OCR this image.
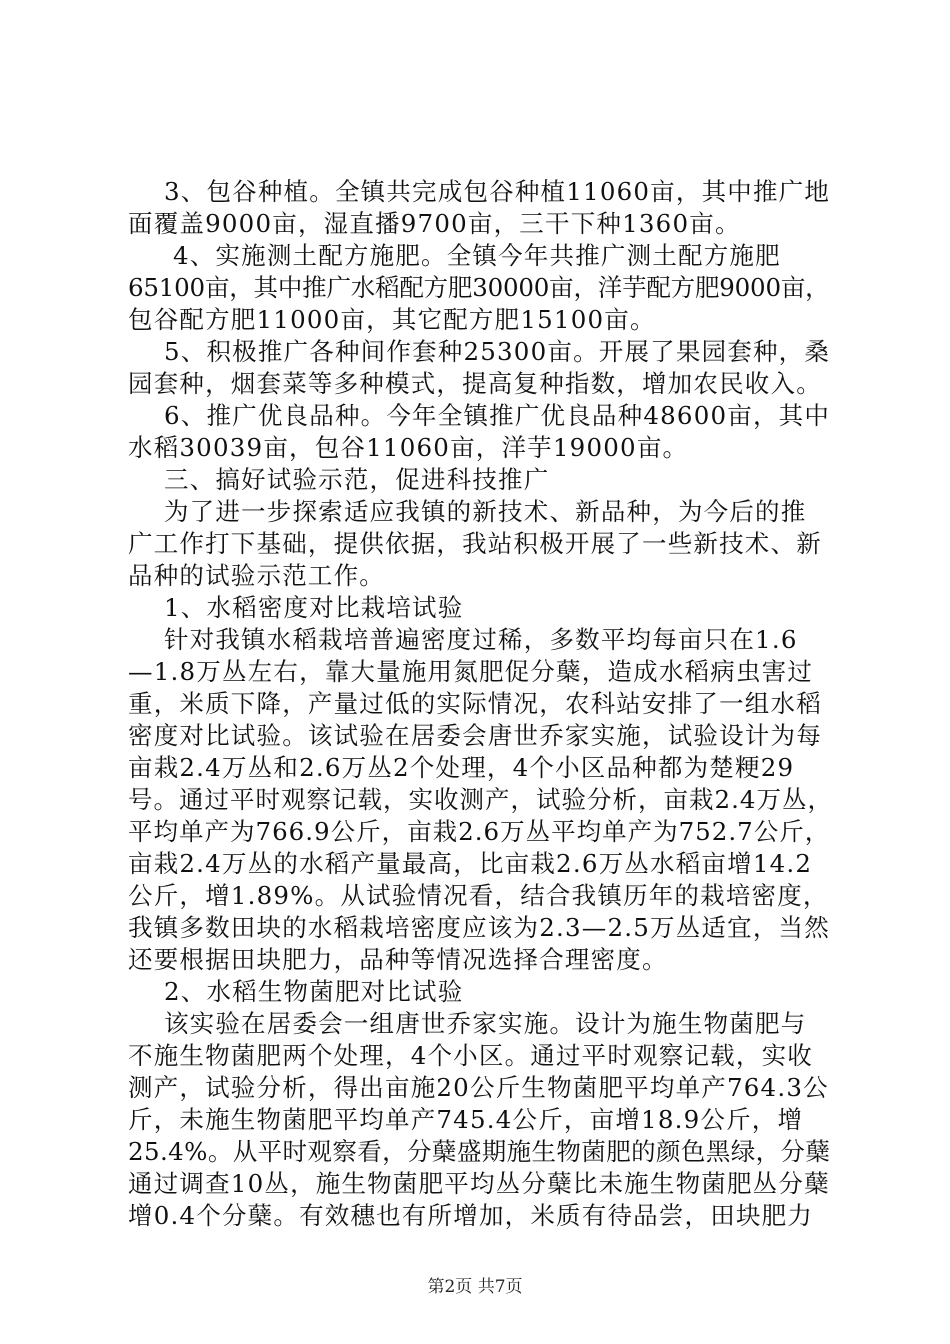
3、包谷种植。全镇共完成包谷种植11060亩，其中推广地
面覆盖9000亩，湿直播9700亩，三干下种1360亩。
4、实施测土配方施肥。全镇今年共推广测土配方施肥
65100亩，其中推广水稻配方肥30000亩，洋芋配方肥9000亩，
包谷配方肥11000亩，其它配方肥15100亩。
5、积极推广各种间作套种25300亩。开展了果园套种，桑
园套种，烟套菜等多种模式，提高复种指数，增加农民收入。
6、推广优良品种。今年全镇推广优良品种48600亩，其中
水稻30039亩，包谷11060亩，洋芋19000亩。
三、搞好试验示范，促进科技推广
为了进一步探索适应我镇的新技术、新品种，为今后的推
广工作打下基础，提供依据，我站积极开展了一些新技术、新
品种的试验示范工作。
1、水稻密度对比栽培试验
针对我镇水稻栽培普遍密度过稀，多数平均每亩只在1.6
—1.8万丛左右，靠大量施用氮肥促分蘖，造成水稻病虫害过
重，米质下降，产量过低的实际情况，农科站安排了一组水稻
密度对比试验。该试验在居委会唐世乔家实施，试验设计为每
亩栽2.4万丛和2.6万丛2个处理，4个小区品种都为楚粳29
号。通过平时观察记载，实收测产，试验分析，亩栽2.4万丛，
平均单产为766.9公斤，亩栽2.6万丛平均单产为752.7公斤，
亩栽2.4万丛的水稻产量最高，比亩栽2.6万丛水稻亩增14.2
公斤，增1.89%。从试验情况看，结合我镇历年的栽培密度，
我镇多数田块的水稻栽培密度应该为2.3—2.5万丛适宜，当然
还要根据田块肥力，品种等情况选择合理密度。
2、水稻生物菌肥对比试验
该实验在居委会一组唐世乔家实施。设计为施生物菌肥与
不施生物菌肥两个处理，4个小区。通过平时观察记载，实收
测产，试验分析，得出亩施20公斤生物菌肥平均单产764.3公
斤，未施生物菌肥平均单产745.4公斤，亩增18.9公斤，增
25.4%。从平时观察看，分蘖盛期施生物菌肥的颜色黑绿，分蘖
通过调查10丛，施生物菌肥平均丛分蘖比未施生物菌肥丛分蘖
增0.4个分蘖。有效穗也有所增加，米质有待品尝，田块肥力
第2页 共7页
